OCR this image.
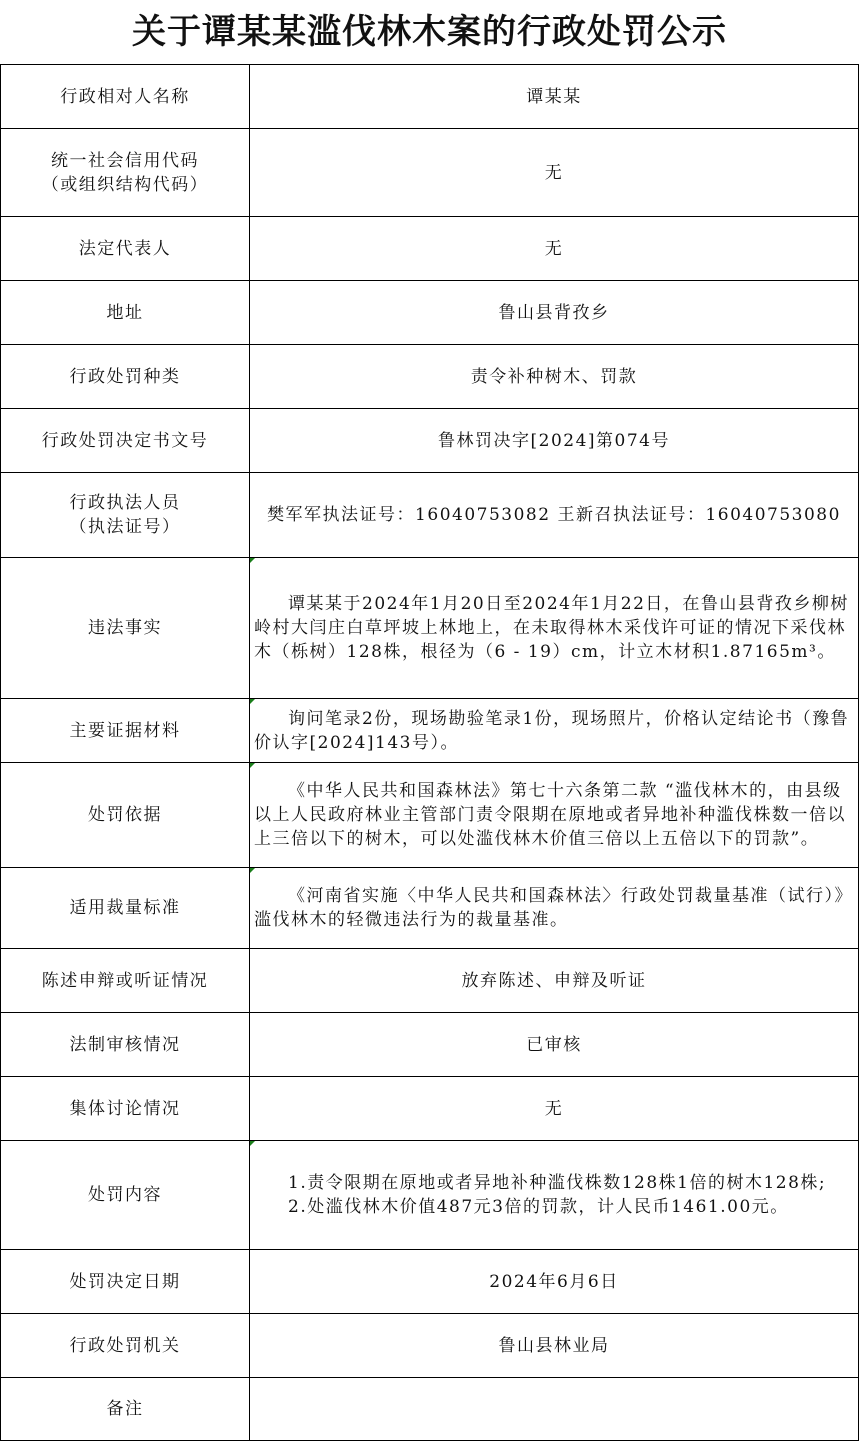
关于谭某某滥伐林木案的行政处罚公示
行政相对人名称	谭某某

统一社会信用代码
（或组织结构代码）	无
法定代表人	无
地址	鲁山县背孜乡
行政处罚种类	责令补种树木、罚款
行政处罚决定书文号	鲁林罚决字[2024]第074号

行政执法人员
（执法证号）	樊军军执法证号：16040753082 王新召执法证号：16040753080
违法事实	谭某某于2024年1月20日至2024年1月22日，在鲁山县背孜乡柳树岭村大闫庄白草坪坡上林地上，在未取得林木采伐许可证的情况下采伐林木（栎树）128株，根径为（6 - 19）cm，计立木材积1.87165m³。

主要证据材料	询问笔录2份，现场勘验笔录1份，现场照片，价格认定结论书（豫鲁价认字[2024]143号）。

处罚依据	《中华人民共和国森林法》第七十六条第二款 “滥伐林木的，由县级以上人民政府林业主管部门责令限期在原地或者异地补种滥伐株数一倍以上三倍以下的树木，可以处滥伐林木价值三倍以上五倍以下的罚款”。

适用裁量标准	《河南省实施〈中华人民共和国森林法〉行政处罚裁量基准（试行）》滥伐林木的轻微违法行为的裁量基准。

陈述申辩或听证情况	放弃陈述、申辩及听证
法制审核情况	已审核
集体讨论情况	无
处罚内容	1.责令限期在原地或者异地补种滥伐株数128株1倍的树木128株;

2.处滥伐林木价值487元3倍的罚款，计人民币1461.00元。

处罚决定日期	2024年6月6日
行政处罚机关	鲁山县林业局
备注	
